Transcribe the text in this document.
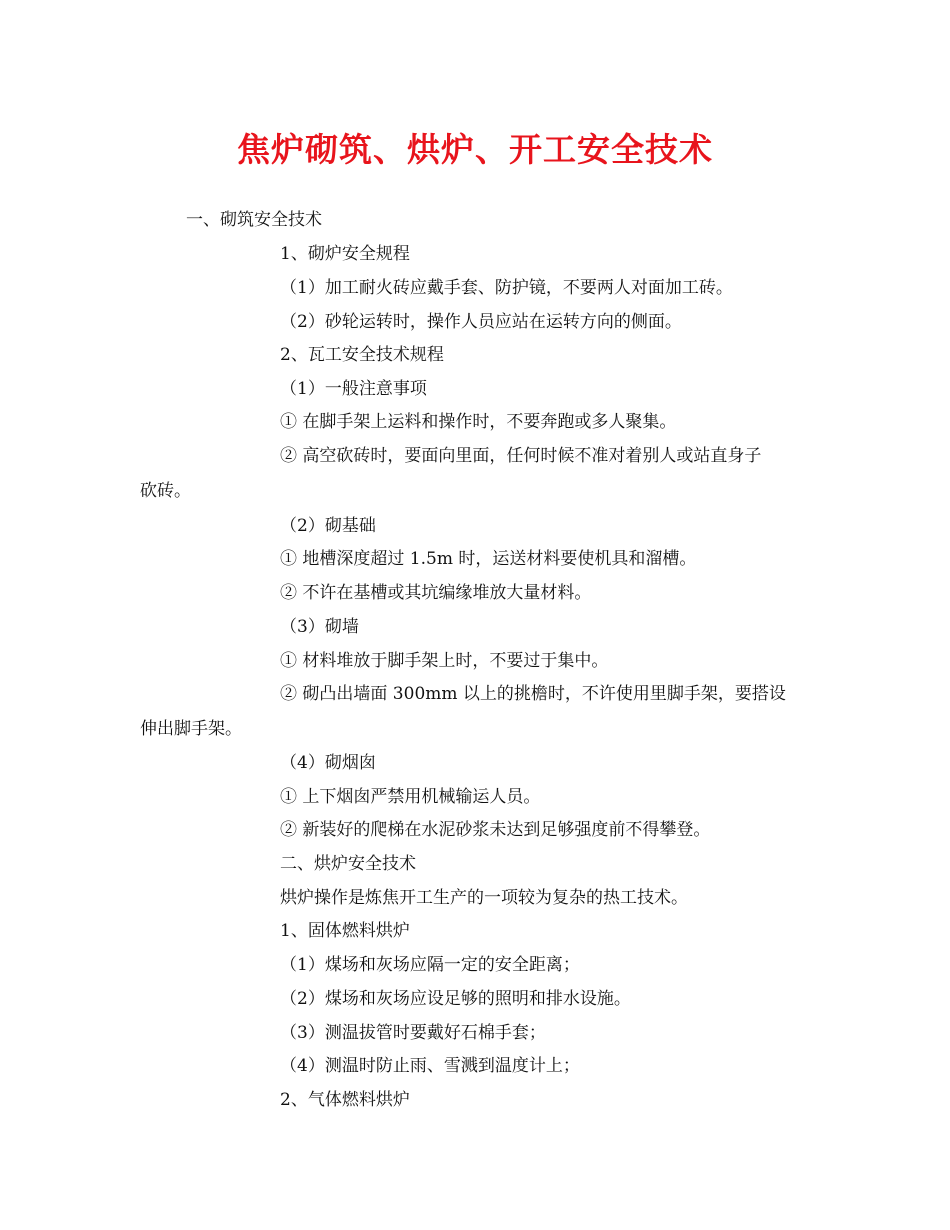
焦炉砌筑、烘炉、开工安全技术
一、砌筑安全技术
1、砌炉安全规程
（1）加工耐火砖应戴手套、防护镜，不要两人对面加工砖。
（2）砂轮运转时，操作人员应站在运转方向的侧面。
2、瓦工安全技术规程
（1）一般注意事项
① 在脚手架上运料和操作时，不要奔跑或多人聚集。
② 高空砍砖时，要面向里面，任何时候不准对着别人或站直身子
砍砖。
（2）砌基础
① 地槽深度超过 1.5m 时，运送材料要使机具和溜槽。
② 不许在基槽或其坑编缘堆放大量材料。
（3）砌墙
① 材料堆放于脚手架上时，不要过于集中。
② 砌凸出墙面 300mm 以上的挑檐时，不许使用里脚手架，要搭设
伸出脚手架。
（4）砌烟囱
① 上下烟囱严禁用机械输运人员。
② 新装好的爬梯在水泥砂浆未达到足够强度前不得攀登。
二、烘炉安全技术
烘炉操作是炼焦开工生产的一项较为复杂的热工技术。
1、固体燃料烘炉
（1）煤场和灰场应隔一定的安全距离；
（2）煤场和灰场应设足够的照明和排水设施。
（3）测温拔管时要戴好石棉手套；
（4）测温时防止雨、雪溅到温度计上；
2、气体燃料烘炉
